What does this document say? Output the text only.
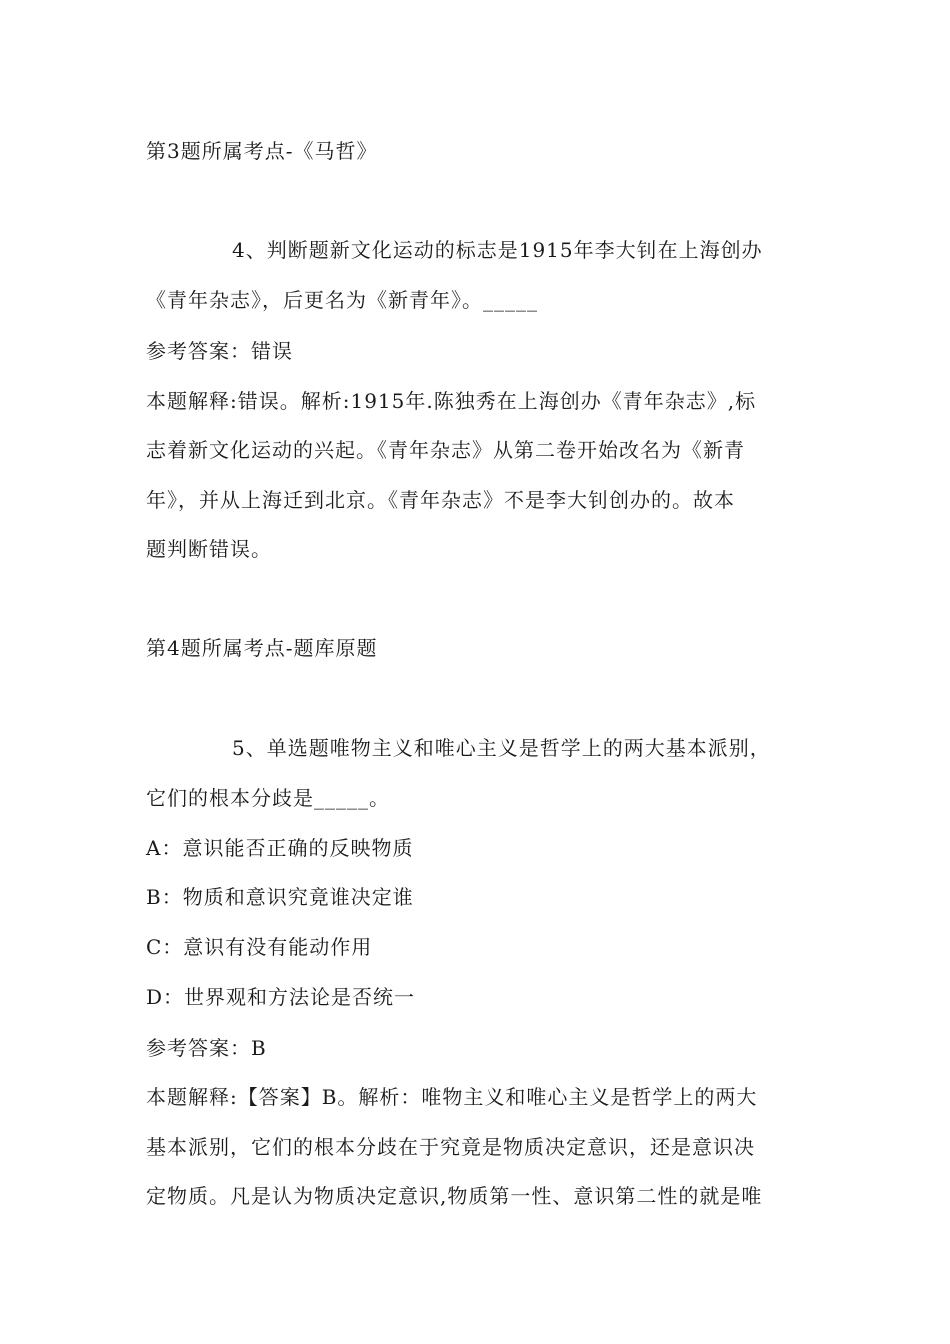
第3题所属考点-《马哲》
4、判断题新文化运动的标志是1915年李大钊在上海创办
《青年杂志》，后更名为《新青年》。_____
参考答案：错误
本题解释:错误。解析:1915年.陈独秀在上海创办《青年杂志》,标
志着新文化运动的兴起。《青年杂志》从第二卷开始改名为《新青
年》，并从上海迁到北京。《青年杂志》不是李大钊创办的。故本
题判断错误。
第4题所属考点-题库原题
5、单选题唯物主义和唯心主义是哲学上的两大基本派别，
它们的根本分歧是_____。
A：意识能否正确的反映物质
B：物质和意识究竟谁决定谁
C：意识有没有能动作用
D：世界观和方法论是否统一
参考答案：B
本题解释:【答案】B。解析：唯物主义和唯心主义是哲学上的两大
基本派别，它们的根本分歧在于究竟是物质决定意识，还是意识决
定物质。凡是认为物质决定意识,物质第一性、意识第二性的就是唯
